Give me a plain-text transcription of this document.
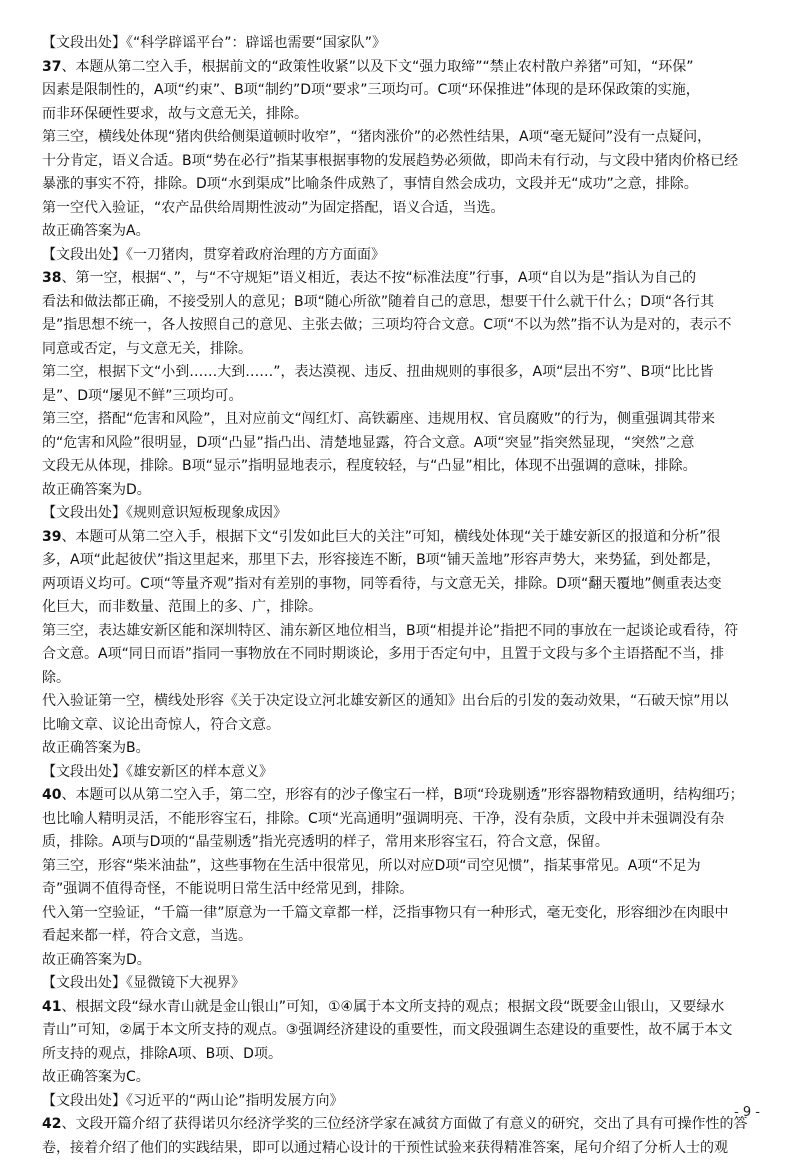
【文段出处】《“科学辟谣平台”：辟谣也需要“国家队”》

37、本题从第二空入手，根据前文的“政策性收紧”以及下文“强力取缔”“禁止农村散户养猪”可知，“环保”

因素是限制性的，A项“约束”、B项“制约”D项“要求”三项均可。C项“环保推进”体现的是环保政策的实施，

而非环保硬性要求，故与文意无关，排除。

第三空，横线处体现“猪肉供给侧渠道顿时收窄”，“猪肉涨价”的必然性结果，A项“毫无疑问”没有一点疑问，

十分肯定，语义合适。B项“势在必行”指某事根据事物的发展趋势必须做，即尚未有行动，与文段中猪肉价格已经

暴涨的事实不符，排除。D项“水到渠成”比喻条件成熟了，事情自然会成功，文段并无“成功”之意，排除。

第一空代入验证，“农产品供给周期性波动”为固定搭配，语义合适，当选。

故正确答案为A。

【文段出处】《一刀猪肉，贯穿着政府治理的方方面面》

38、第一空，根据“、”，与“不守规矩”语义相近，表达不按“标准法度”行事，A项“自以为是”指认为自己的

看法和做法都正确，不接受别人的意见；B项“随心所欲”随着自己的意思，想要干什么就干什么；D项“各行其

是”指思想不统一，各人按照自己的意见、主张去做；三项均符合文意。C项“不以为然”指不认为是对的，表示不

同意或否定，与文意无关，排除。

第二空，根据下文“小到……大到……”，表达漠视、违反、扭曲规则的事很多，A项“层出不穷”、B项“比比皆

是”、D项“屡见不鲜”三项均可。

第三空，搭配“危害和风险”，且对应前文“闯红灯、高铁霸座、违规用权、官员腐败”的行为，侧重强调其带来

的“危害和风险”很明显，D项“凸显”指凸出、清楚地显露，符合文意。A项“突显”指突然显现，“突然”之意

文段无从体现，排除。B项“显示”指明显地表示，程度较轻，与“凸显”相比，体现不出强调的意味，排除。

故正确答案为D。

【文段出处】《规则意识短板现象成因》

39、本题可从第二空入手，根据下文“引发如此巨大的关注”可知，横线处体现“关于雄安新区的报道和分析”很

多，A项“此起彼伏”指这里起来，那里下去，形容接连不断，B项“铺天盖地”形容声势大，来势猛，到处都是，

两项语义均可。C项“等量齐观”指对有差别的事物，同等看待，与文意无关，排除。D项“翻天覆地”侧重表达变

化巨大，而非数量、范围上的多、广，排除。

第三空，表达雄安新区能和深圳特区、浦东新区地位相当，B项“相提并论”指把不同的事放在一起谈论或看待，符

合文意。A项“同日而语”指同一事物放在不同时期谈论，多用于否定句中，且置于文段与多个主语搭配不当，排

除。

代入验证第一空，横线处形容《关于决定设立河北雄安新区的通知》出台后的引发的轰动效果，“石破天惊”用以

比喻文章、议论出奇惊人，符合文意。

故正确答案为B。

【文段出处】《雄安新区的样本意义》

40、本题可以从第二空入手，第二空，形容有的沙子像宝石一样，B项“玲珑剔透”形容器物精致通明，结构细巧；

也比喻人精明灵活，不能形容宝石，排除。C项“光高通明”强调明亮、干净，没有杂质，文段中并未强调没有杂

质，排除。A项与D项的“晶莹剔透”指光亮透明的样子，常用来形容宝石，符合文意，保留。

第三空，形容“柴米油盐”，这些事物在生活中很常见，所以对应D项“司空见惯”，指某事常见。A项“不足为

奇”强调不值得奇怪，不能说明日常生活中经常见到，排除。

代入第一空验证，“千篇一律”原意为一千篇文章都一样，泛指事物只有一种形式，毫无变化，形容细沙在肉眼中

看起来都一样，符合文意，当选。

故正确答案为D。

【文段出处】《显微镜下大视界》

41、根据文段“绿水青山就是金山银山”可知，①④属于本文所支持的观点；根据文段“既要金山银山，又要绿水

青山”可知，②属于本文所支持的观点。③强调经济建设的重要性，而文段强调生态建设的重要性，故不属于本文

所支持的观点，排除A项、B项、D项。

故正确答案为C。

【文段出处】《习近平的“两山论”指明发展方向》

42、文段开篇介绍了获得诺贝尔经济学奖的三位经济学家在减贫方面做了有意义的研究，交出了具有可操作性的答

卷，接着介绍了他们的实践结果，即可以通过精心设计的干预性试验来获得精准答案，尾句介绍了分析人士的观 - 9 -
